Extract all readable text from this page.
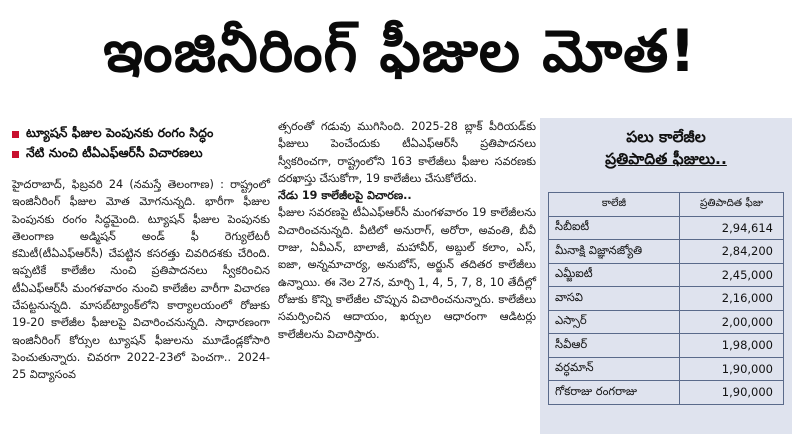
ఇంజినీరింగ్ ఫీజుల మోత!
ట్యూషన్‌ ఫీజుల పెంపునకు రంగం సిద్ధం
నేటి నుంచి టీఏఎఫ్‌ఆర్‌సీ విచారణలు

హైదరాబాద్‌, ఫిబ్రవరి 24 (నమస్తే తెలంగాణ) : రాష్ట్రంలో ఇంజినీరింగ్‌ ఫీజుల మోత మోగనున్నది. భారీగా ఫీజుల పెంపునకు రంగం సిద్ధమైంది. ట్యూషన్‌ ఫీజుల పెంపునకు తెలంగాణ అడ్మిషన్‌ అండ్‌ ఫీ రెగ్యులేటరీ కమిటీ(టీఏఎఫ్‌ఆర్‌సీ) చేపట్టిన కసరత్తు చివరిదశకు చేరింది. ఇప్పటికే కాలేజీల నుంచి ప్రతిపాదనలు స్వీకరించిన టీఏఎఫ్‌ఆర్‌సీ మంగళవారం నుంచి కాలేజీల వారీగా విచారణ చేపట్టనున్నది. మాసబ్‌ట్యాంక్‌లోని కార్యాలయంలో రోజుకు 19-20 కాలేజీల ఫీజులపై విచారించనున్నది. సాధారణంగా ఇంజినీరింగ్‌ కోర్సుల ట్యూషన్‌ ఫీజులను మూడేండ్లకోసారి పెంచుతున్నారు. చివరగా 2022-23లో పెంచగా.. 2024-25 విద్యాసంవ

త్సరంతో గడువు ముగిసింది. 2025-28 బ్లాక్‌ పీరియడ్‌కు ఫీజులు పెంచేందుకు టీఏఎఫ్‌ఆర్‌సీ ప్రతిపాదనలు స్వీకరించగా, రాష్ట్రంలోని 163 కాలేజీలు ఫీజుల సవరణకు దరఖాస్తు చేసుకోగా, 19 కాలేజీలు చేసుకోలేదు.

నేడు 19 కాలేజీలపై విచారణ..

ఫీజుల సవరణపై టీఏఎఫ్‌ఆర్‌సీ మంగళవారం 19 కాలేజీలను విచారించనున్నది. వీటిలో అనురాగ్‌, అరోరా, అవంతి, బీవీ రాజు, ఏవీఎన్‌, బాలాజీ, మహావీర్‌, అబ్దుల్‌ కలాం, ఎస్‌, ఐజా, అన్నమాచార్య, అనుబోస్‌, అర్జున్‌ తదితర కాలేజీలు ఉన్నాయి. ఈ నెల 27న, మార్చి 1, 4, 5, 7, 8, 10 తేదీల్లో రోజుకు కొన్ని కాలేజీల చొప్పున విచారించనున్నారు. కాలేజీలు సమర్పించిన ఆదాయం, ఖర్చుల ఆధారంగా ఆడిటర్లు కాలేజీలను విచారిస్తారు.

పలు కాలేజీల
ప్రతిపాదిత ఫీజులు..
కాలేజీ	ప్రతిపాదిత ఫీజు
సీబీఐటీ	2,94,614
మీనాక్షి విజ్ఞానజ్యోతి	2,84,200
ఎమ్జీఐటీ	2,45,000
వాసవి	2,16,000
ఎస్సార్‌	2,00,000
సీవీఆర్‌	1,98,000
వర్ధమాన్‌	1,90,000
గోకరాజు రంగరాజు	1,90,000
